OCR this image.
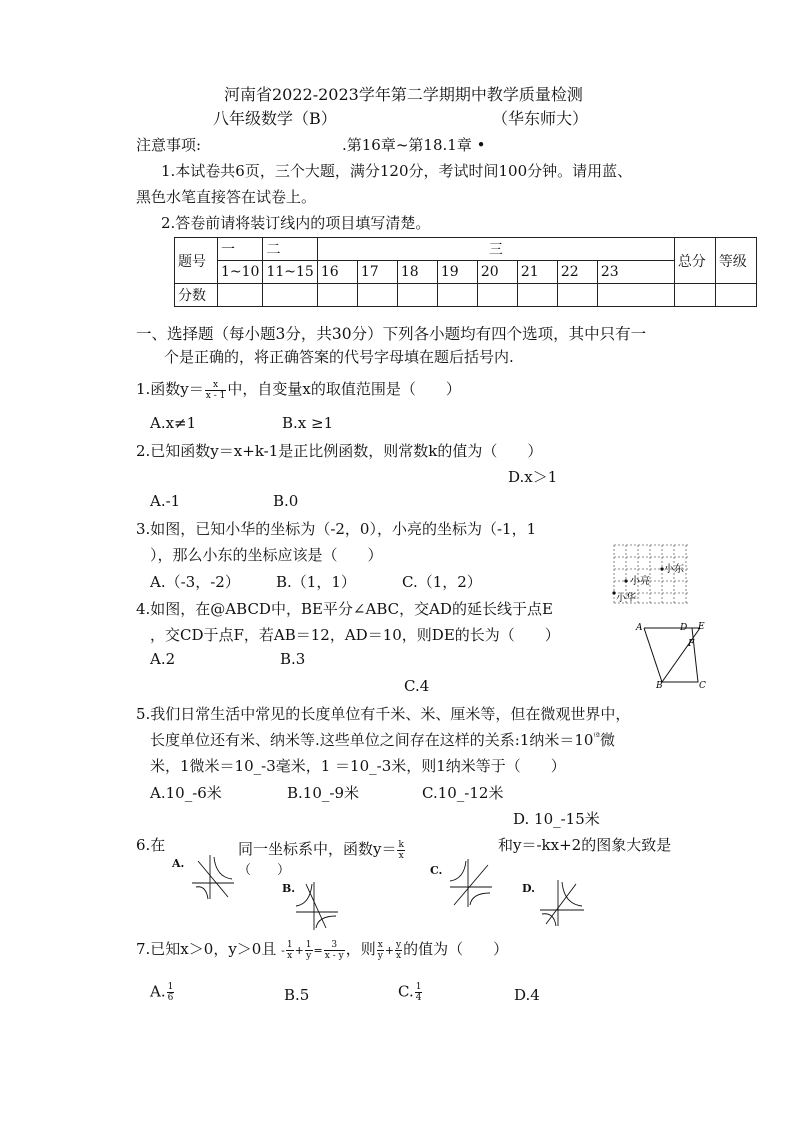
河南省2022-2023学年第二学期期中教学质量检测
八年级数学（B）	（华东师大）
注意事项:	.第16章~第18.1章 •
1.本试卷共6页，三个大题，满分120分，考试时间100分钟。请用蓝、
黑色水笔直接答在试卷上。
2.答卷前请将装订线内的项目填写清楚。
题号	一	二	三								总分	等级
	1~10	11~15	16	17	18	19	20	21	22	23		
分数												
一、选择题（每小题3分，共30分）下列各小题均有四个选项，其中只有一
个是正确的，将正确答案的代号字母填在题后括号内.
1.函数$y= \frac{x}{x - 1}$ 中，自变量x的取值范围是（　　）
A.x≠1	B.x ≥1
2.已知函数y＝x+k-1是正比例函数，则常数k的值为（　　）
D.x＞1
A.-1	B.0
3.如图，已知小华的坐标为（-2，0），小亮的坐标为（-1，1
），那么小东的坐标应该是（　　）
A.（-3，-2） B.（1，1）	C.（1，2）
小东
小亮
小华
4.如图，在@ABCD中，BE平分∠ABC，交AD的延长线于点E
，交CD于点F，若AB＝12，AD＝10，则DE的长为（　　）
A.2	B.3
C.4
A	D E
F
B	C
5.我们日常生活中常见的长度单位有千米、米、厘米等，但在微观世界中，
长度单位还有米、纳米等.这些单位之间存在这样的关系:1纳米$=10^{^(ª}$微
米，1微米＝10_-3毫米，1 ＝10_-3米，则1纳米等于（　　）
A.10_-6米	B.10_-9米	C.10_-12米
D. 10_-15米
6.在	同一坐标系中，函数$y= \frac{k}{x}$	和y＝-kx+2的图象大致是
（　　）
A.
B.
C.
D.
7.已知x＞0，y＞0且 - $\frac{1}{x} + \frac{1}{y} = \frac{3}{x - y}$ ，则 $\frac{x}{y} + \frac{y}{x}$ 的值为（　　）
A. $\frac{1}{6}$	B.5	C. $\frac{1}{4}$	D.4
